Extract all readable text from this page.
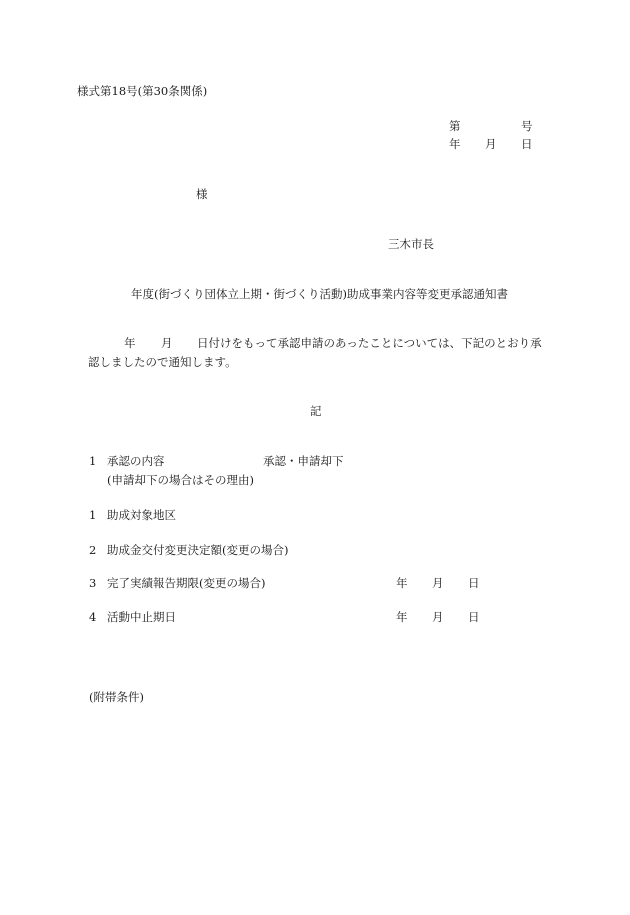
様式第18号(第30条関係)
第	号
年 月 日
様
三木市長
年度(街づくり団体立上期・街づくり活動)助成事業内容等変更承認通知書
年 月 日付けをもって承認申請のあったことについては、下記のとおり承
認しましたので通知します。
記
1 承認の内容	承認・申請却下
(申請却下の場合はその理由)
1 助成対象地区
2 助成金交付変更決定額(変更の場合)
3 完了実績報告期限(変更の場合)	年 月 日
4 活動中止期日	年 月 日
(附帯条件)
